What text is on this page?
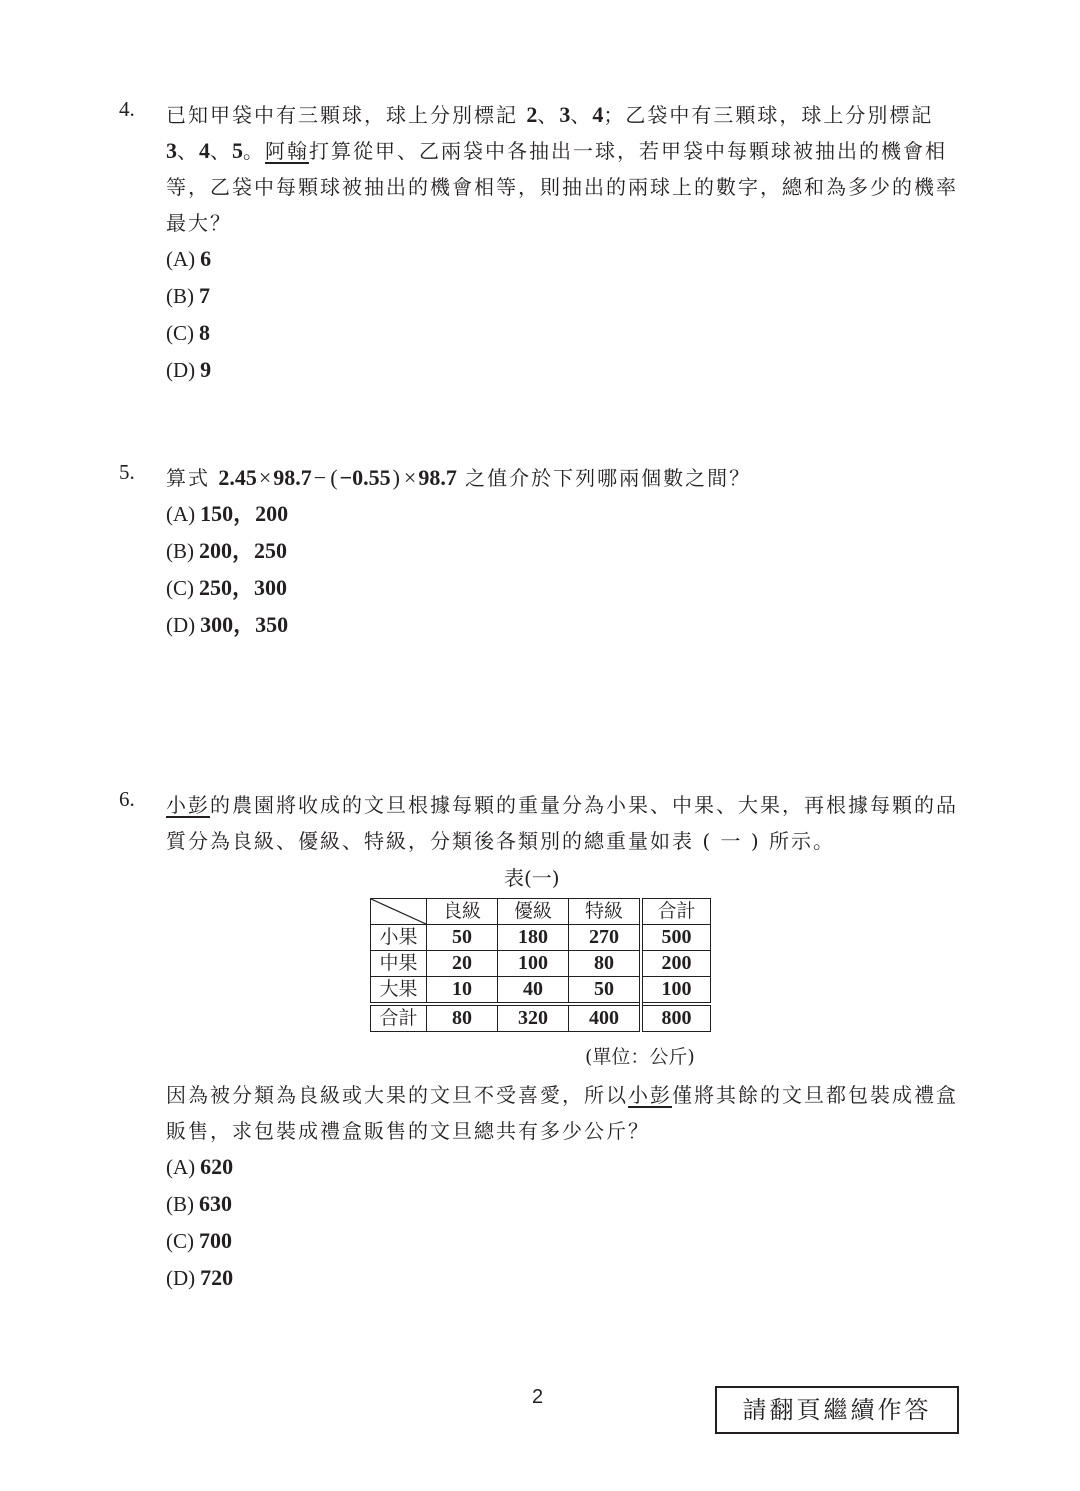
4. 已知甲袋中有三顆球，球上分別標記 2、3、4；乙袋中有三顆球，球上分別標記 3、4、5。阿翰打算從甲、乙兩袋中各抽出一球，若甲袋中每顆球被抽出的機會相等，乙袋中每顆球被抽出的機會相等，則抽出的兩球上的數字，總和為多少的機率最大？
(A) 6
(B) 7
(C) 8
(D) 9
5. 算式 2.45×98.7− (−0.55) ×98.7 之值介於下列哪兩個數之間？
(A) 150，200
(B) 200，250
(C) 250，300
(D) 300，350
6. 小彭的農園將收成的文旦根據每顆的重量分為小果、中果、大果，再根據每顆的品質分為良級、優級、特級，分類後各類別的總重量如表 ( 一 ) 所示。
表(一)
	良級	優級	特級	合計
小果	50	180	270	500
中果	20	100	80	200
大果	10	40	50	100
合計	80	320	400	800
(單位：公斤)
因為被分類為良級或大果的文旦不受喜愛，所以小彭僅將其餘的文旦都包裝成禮盒販售，求包裝成禮盒販售的文旦總共有多少公斤？
(A) 620
(B) 630
(C) 700
(D) 720
2	請翻頁繼續作答
